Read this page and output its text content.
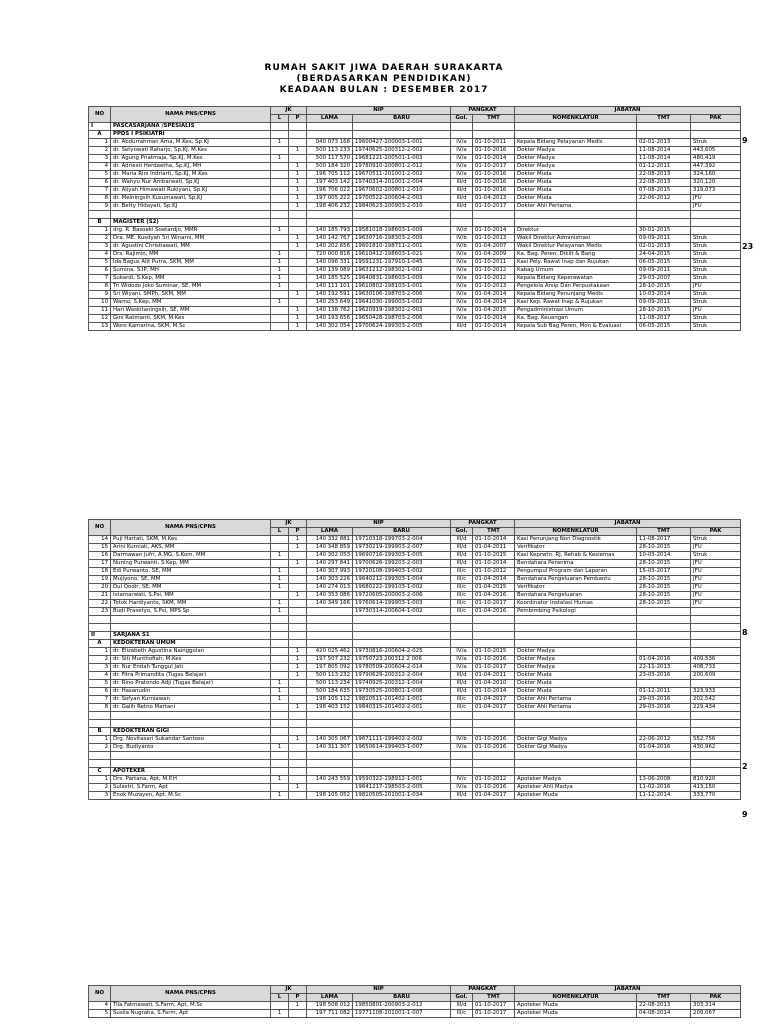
RUMAH SAKIT JIWA DAERAH SURAKARTA
(BERDASARKAN PENDIDIKAN)
KEADAAN BULAN : DESEMBER 2017
NO	NAMA PNS/CPNS	JK		NIP		PANGKAT		JABATAN		
		L	P	LAMA	BARU	Gol.	TMT	NOMENKLATUR	TMT	PAK
I	PASCASARJANA /SPESIALIS									
A	PPDS I PSIKIATRI									
1	dr. Abdurrahman Ama, M.Kes, Sp.KJ	1		040 073 168	19600427-200003-1-001	IV/a	01-10-2011	Kepala Bidang Pelayanan Medis	02-01-2013	Struk
2	dr. Setyowati Raharjo, Sp.KJ, M.Kes		1	500 113 233	19740625-200312-2-002	IV/a	01-10-2016	Dokter Madya	11-08-2014	443,605
3	dr. Agung Priatmaja, Sp.KJ, M.Kes	1		500 117 570	19681221-200501-1-003	IV/a	01-10-2014	Dokter Madya	11-08-2014	480,419
4	dr. Adriesti Herdaetha, Sp.KJ, MH		1	500 184 320	19780910-200801-2-012	IV/a	01-10-2017	Dokter Madya	01-12-2011	447,392
5	dr. Maria Rini Indriarti, Sp.KJ, M.Kes		1	196 705 112	19670511-201001-2-002	IV/a	01-10-2016	Dokter Muda	22-08-2013	324,160
6	dr. Wahyu Nur Ambarwati, Sp.KJ		1	197 403 142	19740314-201001-2-004	III/d	01-10-2016	Dokter Muda	22-08-2013	320,120
7	dr. Aliyah Himawati Rukiyani, Sp.KJ		1	196 706 022	19670602-200801-2-010	III/d	01-10-2016	Dokter Muda	07-08-2015	319,073
8	dr. Meiningsih Kusumawati, Sp.KJ		1	197 005 222	19700522-200604-2-003	III/d	01-04-2013	Dokter Muda	22-06-2012	JFU
9	dr. Betty Hidayati, Sp.KJ		1	198 406 232	19840623-200903-2-010	III/d	01-10-2017	Dokter Ahli Pertama		JFU

B	MAGISTER (S2)									
1	drg. R. Basoeki Soetardjo, MMR	1		140 185 793	19581018-198603-1-009	IV/d	01-10-2014	Direktur	30-01-2015	
2	Dra. ME. Kusdyah Sri Winarni, MM		1	140 142 767	19630716-198303-2-009	IV/b	01-10-2013	Wakil Direktur Administrasi	09-09-2011	Struk
3	dr. Agustini Christiawati, MM		1	140 202 656	19601810-198711-2-001	IV/b	01-04-2007	Wakil Direktur Pelayanan Medis	02-01-2013	Struk
4	Drs. Rajimin, MM	1		720 000 816	19610412-198603-1-021	IV/a	01-04-2009	Ka. Bag. Peren, Diklit & Bang	24-04-2015	Struk
5	Ida Bagus Alit Putra, SKM, MM	1		140 096 331	19591231-197910-1-045	IV/a	01-10-2011	Kasi Pely. Rawat Inap dan Rujukan	06-05-2015	Struk
6	Sumina, S.IP, MH	1		140 139 089	19631212-198302-1-002	IV/a	01-10-2012	Kabag Umum	09-09-2011	Struk
7	Sukardi, S.Kep, MM	1		140 185 525	19640831-198603-1-009	IV/a	01-10-2012	Kepala Bidang Keperawatan	29-03-2007	Struk
8	Tri Widodo Joko Suminar, SE, MM	1		140 111 101	19610802-198103-1-001	IV/a	01-10-2013	Pengelola Arsip Dan Perpustakaan	28-10-2015	JFU
9	Sri Wiyani, SMPh, SKM, MM		1	140 192 591	19630106-198703-2-006	IV/a	01-04-2014	Kepala Bidang Penunjang Medis	10-03-2014	Struk
10	Warno, S.Kep, MM	1		140 253 649	19641030-199003-1-002	IV/a	01-04-2014	Kasi Kep. Rawat Inap & Rujukan	09-09-2011	Struk
11	Hari Waskitaningsih, SE, MM		1	140 138 762	19620919-198302-2-003	IV/a	01-04-2015	Pengadministrasi Umum	28-10-2015	JFU
12	Gini Ratmanti, SKM, M.Kes		1	140 193 656	19650428-198703-2-006	IV/a	01-10-2014	Ka. Bag. Keuangan	11-08-2017	Struk
13	Woro Kamarina, SKM, M.Sc		1	140 302 054	19700624-199303-2-005	III/d	01-10-2014	Kepala Sub Bag Peren, Mon & Evaluasi	06-05-2015	Struk
9
23
NO	NAMA PNS/CPNS	JK		NIP		PANGKAT		JABATAN		
		L	P	LAMA	BARU	Gol.	TMT	NOMENKLATUR	TMT	PAK
14	Puji Hartati, SKM, M.Kes		1	140 332 881	19710318-199703-2-004	III/d	01-10-2014	Kasi Penunjang Non Diagnostik	11-08-2017	Struk
15	Arini Kurniati, AKS, MM		1	140 348 859	19730219-199903-2-007	III/d	01-04-2011	Verifikator	28-10-2015	JFU
16	Darmawan Jufri, A.MG, S.Kom, MM	1		140 302 053	19690716-199303-1-005	III/d	01-10-2015	Kasi Keprwtn. RJ, Rehab & Kesiemas	10-03-2014	Struk
17	Nuning Purwanti, S.Kep, MM		1	140 297 841	19700626-199203-2-003	III/d	01-10-2014	Bendahara Penerima	28-10-2015	JFU
18	Edi Purwanto, SE, MM	1		140 307 993	19720108-199403-1-002	III/c	01-10-2012	Pengumpul Program dan Laporan	15-03-2017	JFU
19	Mujiyono, SE, MM	1		140 303 226	19640212-199303-1-004	III/c	01-04-2014	Bendahara Pengeluaran Pembantu	28-10-2015	JFU
20	Dul Qodir, SE, MM	1		140 274 013	19680222-199103-1-002	III/c	01-04-2015	Verifikator	28-10-2015	JFU
21	Istamarwati, S.Psi, MM		1	140 353 086	19720605-200003-2-006	III/c	01-04-2016	Bendahara Pengeluaran	28-10-2015	JFU
22	Totok Hardiyanto, SKM, MM	1		140 349 166	19760614-199903-1-003	III/c	01-10-2017	Koordinator Instalasi Humas	28-10-2015	JFU
23	Budi Prasetyo, S.Psi, MPS Sp	1			19730314-200604-1-002	III/c	01-04-2016	Pembimbing Psikologi		

II	SARJANA S1									
A	KEDOKTERAN UMUM									
1	dr. Elizabeth Agustina Nainggolan		1	420 025 462	19730816-200604-2-025	IV/a	01-10-2015	Dokter Madya		
2	dr. Siti Munthofiah, M.Kes		1	197 507 232	19750723 200312 2 006	IV/a	01-10-2016	Dokter Madya	01-04-2016	409,536
3	dr. Nur Endah Tunggul Jati		1	197 805 092	19780509-200604-2-014	IV/a	01-10-2017	Dokter Madya	22-11-2013	408,733
4	dr. Fitra Primandita (Tugas Belajar)		1	500 113 232	19790629-200312-2-004	III/d	01-04-2011	Dokter Muda	23-03-2016	200,609
5	dr. Rino Pratondo Adji (Tugas Belajar)	1		500 113 234	19740925-200312-1-004	III/d	01-04-2010	Dokter Muda		
6	dr. Hasanudin	1		500 184 635	19730525-200801-1-008	III/d	01-10-2014	Dokter Muda	01-12-2011	323,933
7	dr. Sofyan Kurniawan	1		198 105 112	19810511-201402-1-001	III/c	01-04-2017	Dokter Ahli Pertama	29-03-2016	202,542
8	dr. Galih Retno Martani		1	198 403 152	19840315-201402-2-001	III/c	01-04-2017	Dokter Ahli Pertama	29-03-2016	229,434

B	KEDOKTERAN GIGI									
1	Drg. Novitasari Sukandar Santoso		1	140 305 067	19671111-199402-2-002	IV/b	01-10-2016	Dokter Gigi Madya	22-06-2012	552,756
2	Drg. Budiyanto	1		140 311 307	19650614-199403-1-007	IV/a	01-10-2016	Dokter Gigi Madya	01-04-2016	430,962

C	APOTEKER									
1	Drs. Partana, Apt, M.P.H	1		140 243 559	19590322-198912-1-001	IV/c	01-10-2012	Apoteker Madya	13-06-2008	810,920
2	Sulastri, S.Farm, Apt		1		19641217-198503-2-005	IV/a	01-10-2016	Apoteker Ahli Madya	11-02-2016	413,150
3	Enok Muzayen, Apt. M.Sc	1		198 105 052	19810505-201001-1-034	III/d	01-04-2017	Apoteker Muda	11-12-2014	333,770
8
2
9
NO	NAMA PNS/CPNS	JK		NIP		PANGKAT		JABATAN		
		L	P	LAMA	BARU	Gol.	TMT	NOMENKLATUR	TMT	PAK
4	Tila Fatmawati, S.Farm, Apt, M.Sc		1	198 508 012	19850801-200903-2-012	III/d	01-10-2017	Apoteker Muda	22-08-2013	303,314
5	Susila Nugraha, S.Farm, Apt	1		197 711 082	19771108-201001-1-007	III/c	01-10-2017	Apoteker Muda	04-08-2014	209,067
